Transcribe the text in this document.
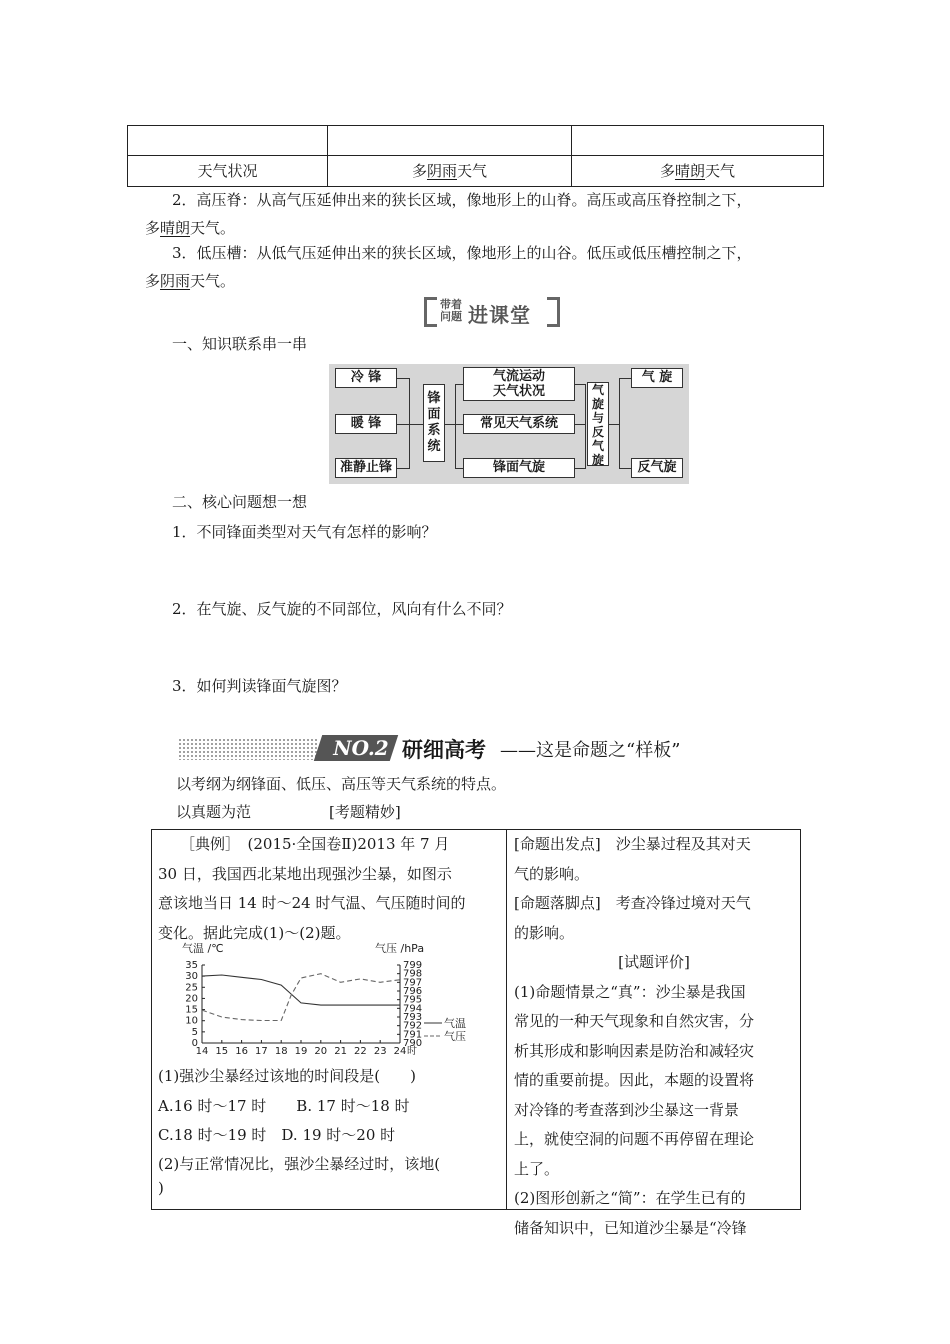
天气状况	多阴雨天气	多晴朗天气
2．高压脊：从高气压延伸出来的狭长区域，像地形上的山脊。高压或高压脊控制之下，
多晴朗天气。
3．低压槽：从低气压延伸出来的狭长区域，像地形上的山谷。低压或低压槽控制之下，
多阴雨天气。
带着
问题 进课堂
一、知识联系串一串
冷 锋
暖 锋
准静止锋
锋面系统
气流运动
天气状况
常见天气系统
锋面气旋
气旋与反气旋
气 旋
反气旋
二、核心问题想一想
1．不同锋面类型对天气有怎样的影响？
2．在气旋、反气旋的不同部位，风向有什么不同？
3．如何判读锋面气旋图？
NO.2 研细高考 ——这是命题之“样板”
以考纲为纲锋面、低压、高压等天气系统的特点。
以真题为范	[考题精妙]
［典例］　(2015·全国卷Ⅱ)2013 年 7 月
30 日，我国西北某地出现强沙尘暴，如图示
意该地当日 14 时～24 时气温、气压随时间的
变化。据此完成(1)～(2)题。
(1)强沙尘暴经过该地的时间段是(　　)
A.16 时～17 时　　B. 17 时～18 时
C.18 时～19 时　D. 19 时～20 时
(2)与正常情况比，强沙尘暴经过时，该地(
)
[命题出发点]　沙尘暴过程及其对天
气的影响。
[命题落脚点]　考查冷锋过境对天气
的影响。
[试题评价]
(1)命题情景之“真”：沙尘暴是我国
常见的一种天气现象和自然灾害，分
析其形成和影响因素是防治和减轻灾
情的重要前提。因此，本题的设置将
对冷锋的考查落到沙尘暴这一背景
上，就使空洞的问题不再停留在理论
上了。
(2)图形创新之“简”：在学生已有的
储备知识中，已知道沙尘暴是“冷锋
气温 /℃	气压 /hPa
0
5
10
15
20
25
30
35
790
791
792
793
794
795
796
797
798
799
14 15 16 17 18 19 20 21 22 23 24 时
气温
气压
